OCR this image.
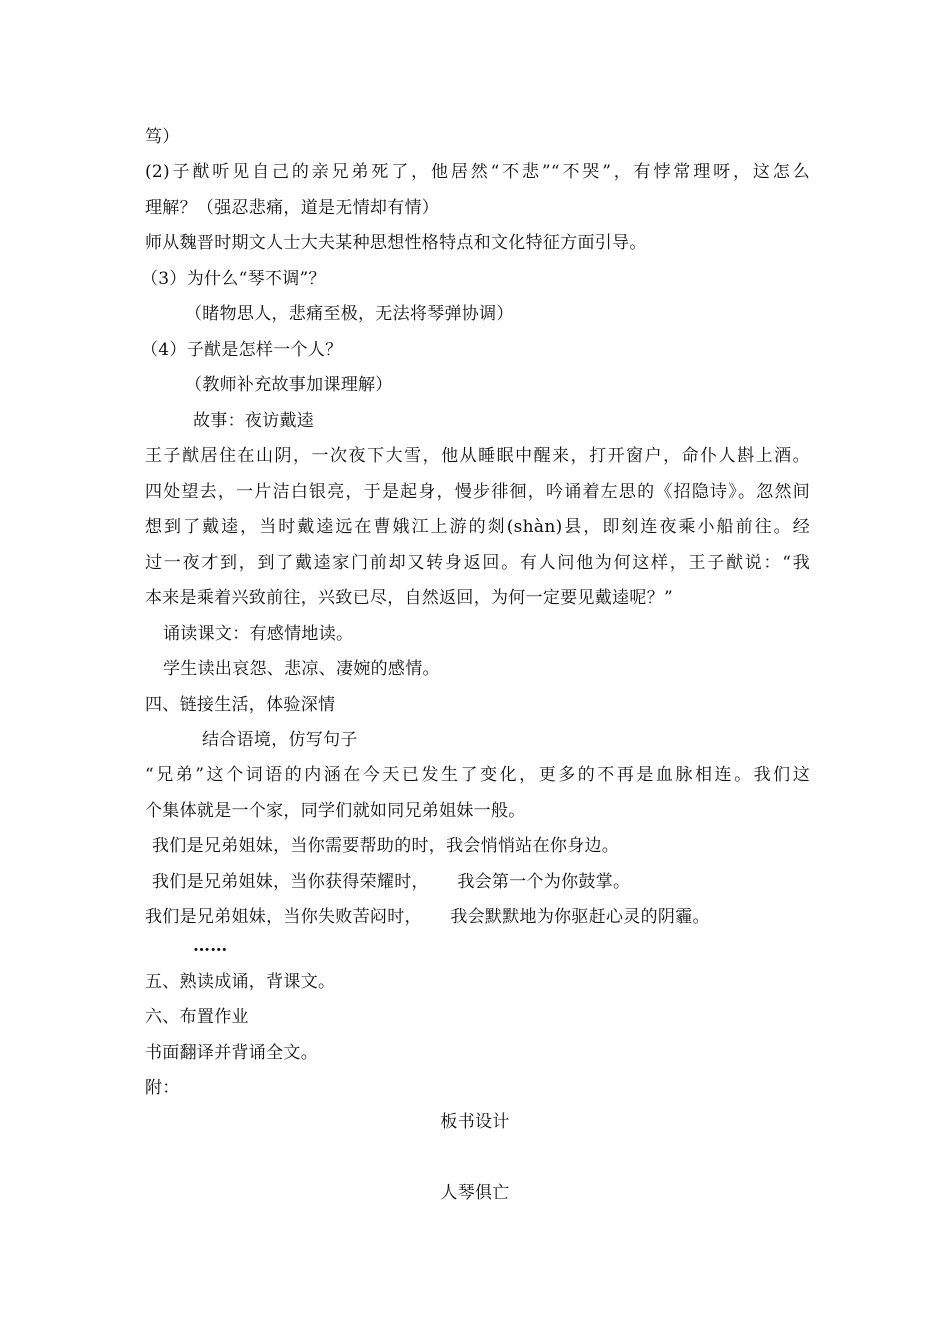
笃）
(2)子猷听见自己的亲兄弟死了，他居然“不悲”“不哭”，有悖常理呀，这怎么
理解？（强忍悲痛，道是无情却有情）
师从魏晋时期文人士大夫某种思想性格特点和文化特征方面引导。
（3）为什么“琴不调”？
（睹物思人，悲痛至极，无法将琴弹协调）
（4）子猷是怎样一个人？
（教师补充故事加课理解）
故事：夜访戴逵
王子猷居住在山阴，一次夜下大雪，他从睡眠中醒来，打开窗户，命仆人斟上酒。
四处望去，一片洁白银亮，于是起身，慢步徘徊，吟诵着左思的《招隐诗》。忽然间
想到了戴逵，当时戴逵远在曹娥江上游的剡(shàn)县，即刻连夜乘小船前往。经
过一夜才到，到了戴逵家门前却又转身返回。有人问他为何这样，王子猷说：“我
本来是乘着兴致前往，兴致已尽，自然返回，为何一定要见戴逵呢？”
诵读课文：有感情地读。
学生读出哀怨、悲凉、凄婉的感情。
四、链接生活，体验深情
结合语境，仿写句子
“兄弟”这个词语的内涵在今天已发生了变化，更多的不再是血脉相连。我们这
个集体就是一个家，同学们就如同兄弟姐妹一般。
我们是兄弟姐妹，当你需要帮助的时，我会悄悄站在你身边。
我们是兄弟姐妹，当你获得荣耀时，     我会第一个为你鼓掌。
我们是兄弟姐妹，当你失败苦闷时，     我会默默地为你驱赶心灵的阴霾。
……
五、熟读成诵，背课文。
六、布置作业
书面翻译并背诵全文。
附：
板书设计
人琴俱亡
